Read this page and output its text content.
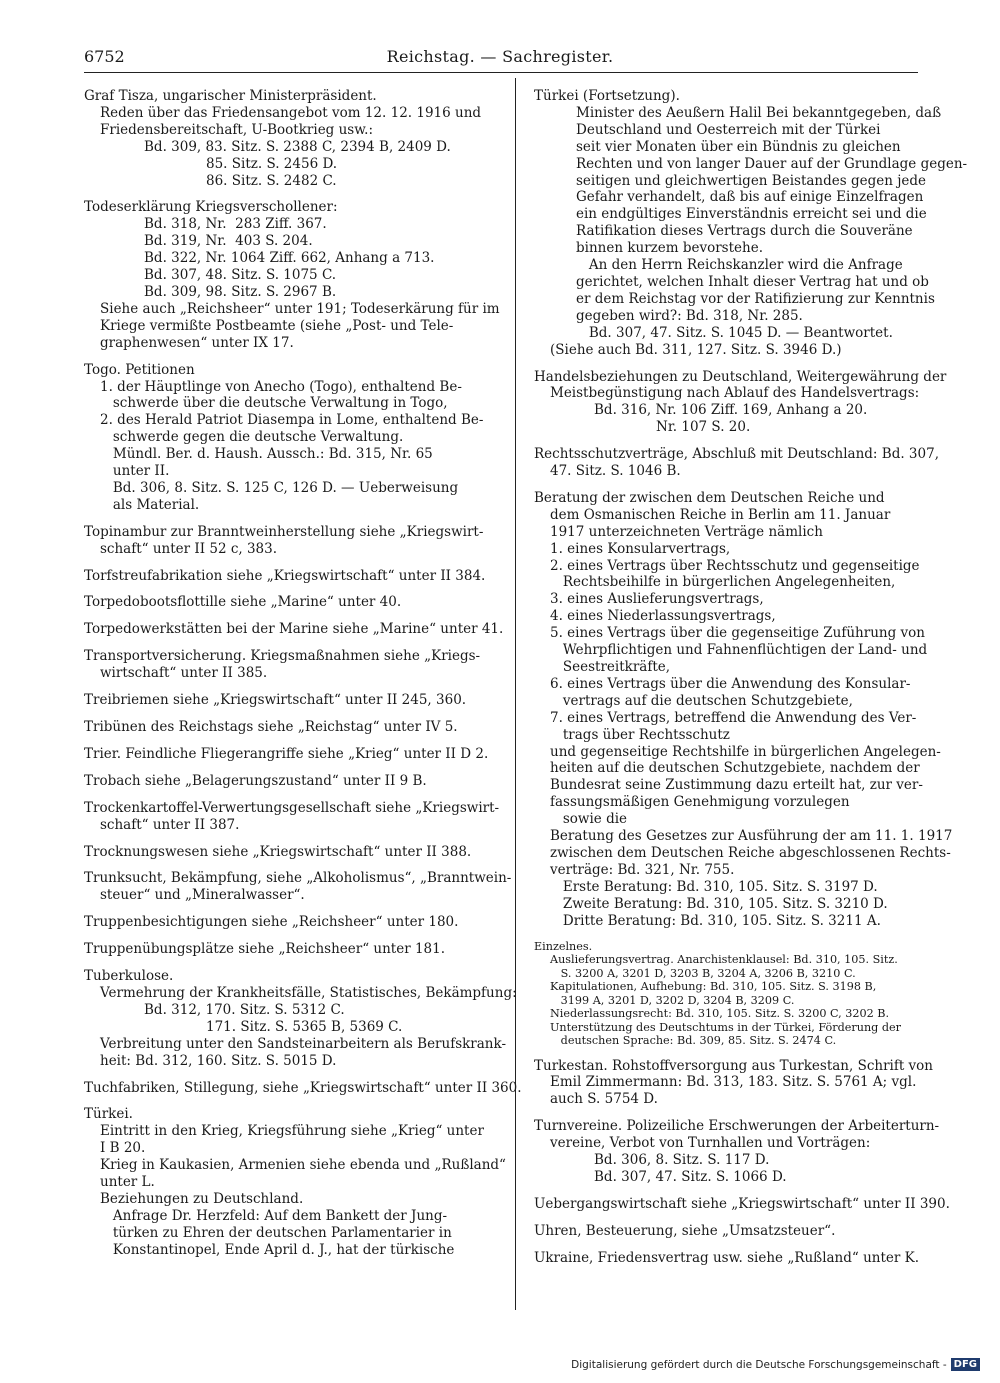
6752	Reichstag. — Sachregister.
Graf Tisza, ungarischer Ministerpräsident.
Reden über das Friedensangebot vom 12. 12. 1916 und
Friedensbereitschaft, U-Bootkrieg usw.:
Bd. 309, 83. Sitz. S. 2388 C, 2394 B, 2409 D.
85. Sitz. S. 2456 D.
86. Sitz. S. 2482 C.
Todeserklärung Kriegsverschollener:
Bd. 318, Nr.  283 Ziff. 367.
Bd. 319, Nr.  403 S. 204.
Bd. 322, Nr. 1064 Ziff. 662, Anhang a 713.
Bd. 307, 48. Sitz. S. 1075 C.
Bd. 309, 98. Sitz. S. 2967 B.
Siehe auch „Reichsheer“ unter 191; Todeserkärung für im
Kriege vermißte Postbeamte (siehe „Post- und Tele-
graphenwesen“ unter IX 17.
Togo. Petitionen
1. der Häuptlinge von Anecho (Togo), enthaltend Be-
schwerde über die deutsche Verwaltung in Togo,
2. des Herald Patriot Diasempa in Lome, enthaltend Be-
schwerde gegen die deutsche Verwaltung.
Mündl. Ber. d. Haush. Aussch.: Bd. 315, Nr. 65
unter II.
Bd. 306, 8. Sitz. S. 125 C, 126 D. — Ueberweisung
als Material.
Topinambur zur Branntweinherstellung siehe „Kriegswirt-
schaft“ unter II 52 c, 383.
Torfstreufabrikation siehe „Kriegswirtschaft“ unter II 384.
Torpedobootsflottille siehe „Marine“ unter 40.
Torpedowerkstätten bei der Marine siehe „Marine“ unter 41.
Transportversicherung. Kriegsmaßnahmen siehe „Kriegs-
wirtschaft“ unter II 385.
Treibriemen siehe „Kriegswirtschaft“ unter II 245, 360.
Tribünen des Reichstags siehe „Reichstag“ unter IV 5.
Trier. Feindliche Fliegerangriffe siehe „Krieg“ unter II D 2.
Trobach siehe „Belagerungszustand“ unter II 9 B.
Trockenkartoffel-Verwertungsgesellschaft siehe „Kriegswirt-
schaft“ unter II 387.
Trocknungswesen siehe „Kriegswirtschaft“ unter II 388.
Trunksucht, Bekämpfung, siehe „Alkoholismus“, „Branntwein-
steuer“ und „Mineralwasser“.
Truppenbesichtigungen siehe „Reichsheer“ unter 180.
Truppenübungsplätze siehe „Reichsheer“ unter 181.
Tuberkulose.
Vermehrung der Krankheitsfälle, Statistisches, Bekämpfung:
Bd. 312, 170. Sitz. S. 5312 C.
171. Sitz. S. 5365 B, 5369 C.
Verbreitung unter den Sandsteinarbeitern als Berufskrank-
heit: Bd. 312, 160. Sitz. S. 5015 D.
Tuchfabriken, Stillegung, siehe „Kriegswirtschaft“ unter II 360.
Türkei.
Eintritt in den Krieg, Kriegsführung siehe „Krieg“ unter
I B 20.
Krieg in Kaukasien, Armenien siehe ebenda und „Rußland“
unter L.
Beziehungen zu Deutschland.
Anfrage Dr. Herzfeld: Auf dem Bankett der Jung-
türken zu Ehren der deutschen Parlamentarier in
Konstantinopel, Ende April d. J., hat der türkische
Türkei (Fortsetzung).
Minister des Aeußern Halil Bei bekanntgegeben, daß
Deutschland und Oesterreich mit der Türkei
seit vier Monaten über ein Bündnis zu gleichen
Rechten und von langer Dauer auf der Grundlage gegen-
seitigen und gleichwertigen Beistandes gegen jede
Gefahr verhandelt, daß bis auf einige Einzelfragen
ein endgültiges Einverständnis erreicht sei und die
Ratifikation dieses Vertrags durch die Souveräne
binnen kurzem bevorstehe.
An den Herrn Reichskanzler wird die Anfrage
gerichtet, welchen Inhalt dieser Vertrag hat und ob
er dem Reichstag vor der Ratifizierung zur Kenntnis
gegeben wird?: Bd. 318, Nr. 285.
Bd. 307, 47. Sitz. S. 1045 D. — Beantwortet.
(Siehe auch Bd. 311, 127. Sitz. S. 3946 D.)
Handelsbeziehungen zu Deutschland, Weitergewährung der
Meistbegünstigung nach Ablauf des Handelsvertrags:
Bd. 316, Nr. 106 Ziff. 169, Anhang a 20.
Nr. 107 S. 20.
Rechtsschutzverträge, Abschluß mit Deutschland: Bd. 307,
47. Sitz. S. 1046 B.
Beratung der zwischen dem Deutschen Reiche und
dem Osmanischen Reiche in Berlin am 11. Januar
1917 unterzeichneten Verträge nämlich
1. eines Konsularvertrags,
2. eines Vertrags über Rechtsschutz und gegenseitige
Rechtsbeihilfe in bürgerlichen Angelegenheiten,
3. eines Auslieferungsvertrags,
4. eines Niederlassungsvertrags,
5. eines Vertrags über die gegenseitige Zuführung von
Wehrpflichtigen und Fahnenflüchtigen der Land- und
Seestreitkräfte,
6. eines Vertrags über die Anwendung des Konsular-
vertrags auf die deutschen Schutzgebiete,
7. eines Vertrags, betreffend die Anwendung des Ver-
trags über Rechtsschutz
und gegenseitige Rechtshilfe in bürgerlichen Angelegen-
heiten auf die deutschen Schutzgebiete, nachdem der
Bundesrat seine Zustimmung dazu erteilt hat, zur ver-
fassungsmäßigen Genehmigung vorzulegen
sowie die
Beratung des Gesetzes zur Ausführung der am 11. 1. 1917
zwischen dem Deutschen Reiche abgeschlossenen Rechts-
verträge: Bd. 321, Nr. 755.
Erste Beratung: Bd. 310, 105. Sitz. S. 3197 D.
Zweite Beratung: Bd. 310, 105. Sitz. S. 3210 D.
Dritte Beratung: Bd. 310, 105. Sitz. S. 3211 A.
Einzelnes.
Auslieferungsvertrag. Anarchistenklausel: Bd. 310, 105. Sitz.
S. 3200 A, 3201 D, 3203 B, 3204 A, 3206 B, 3210 C.
Kapitulationen, Aufhebung: Bd. 310, 105. Sitz. S. 3198 B,
3199 A, 3201 D, 3202 D, 3204 B, 3209 C.
Niederlassungsrecht: Bd. 310, 105. Sitz. S. 3200 C, 3202 B.
Unterstützung des Deutschtums in der Türkei, Förderung der
deutschen Sprache: Bd. 309, 85. Sitz. S. 2474 C.
Turkestan. Rohstoffversorgung aus Turkestan, Schrift von
Emil Zimmermann: Bd. 313, 183. Sitz. S. 5761 A; vgl.
auch S. 5754 D.
Turnvereine. Polizeiliche Erschwerungen der Arbeiterturn-
vereine, Verbot von Turnhallen und Vorträgen:
Bd. 306, 8. Sitz. S. 117 D.
Bd. 307, 47. Sitz. S. 1066 D.
Uebergangswirtschaft siehe „Kriegswirtschaft“ unter II 390.
Uhren, Besteuerung, siehe „Umsatzsteuer“.
Ukraine, Friedensvertrag usw. siehe „Rußland“ unter K.
Digitalisierung gefördert durch die Deutsche Forschungsgemeinschaft - DFG
